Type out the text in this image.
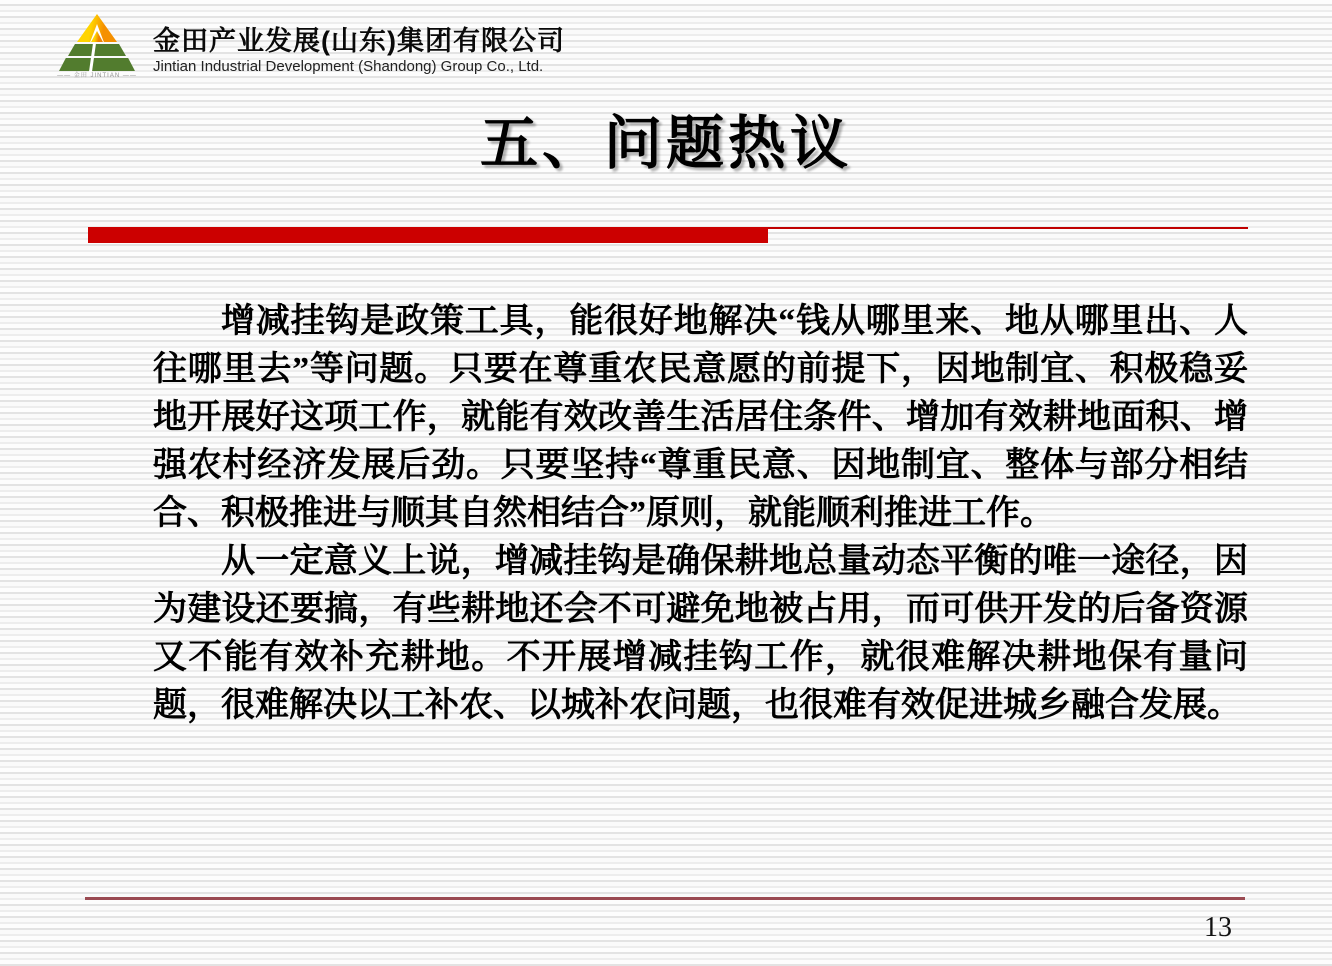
—— 金田 JINTIAN ——
金田产业发展(山东)集团有限公司
Jintian Industrial Development (Shandong) Group Co., Ltd.
五、问题热议

增减挂钩是政策工具，能很好地解决“钱从哪里来、地从哪里出、人往哪里去”等问题。只要在尊重农民意愿的前提下，因地制宜、积极稳妥地开展好这项工作，就能有效改善生活居住条件、增加有效耕地面积、增强农村经济发展后劲。只要坚持“尊重民意、因地制宜、整体与部分相结合、积极推进与顺其自然相结合”原则，就能顺利推进工作。

从一定意义上说，增减挂钩是确保耕地总量动态平衡的唯一途径，因为建设还要搞，有些耕地还会不可避免地被占用，而可供开发的后备资源又不能有效补充耕地。不开展增减挂钩工作，就很难解决耕地保有量问题，很难解决以工补农、以城补农问题，也很难有效促进城乡融合发展。

13
